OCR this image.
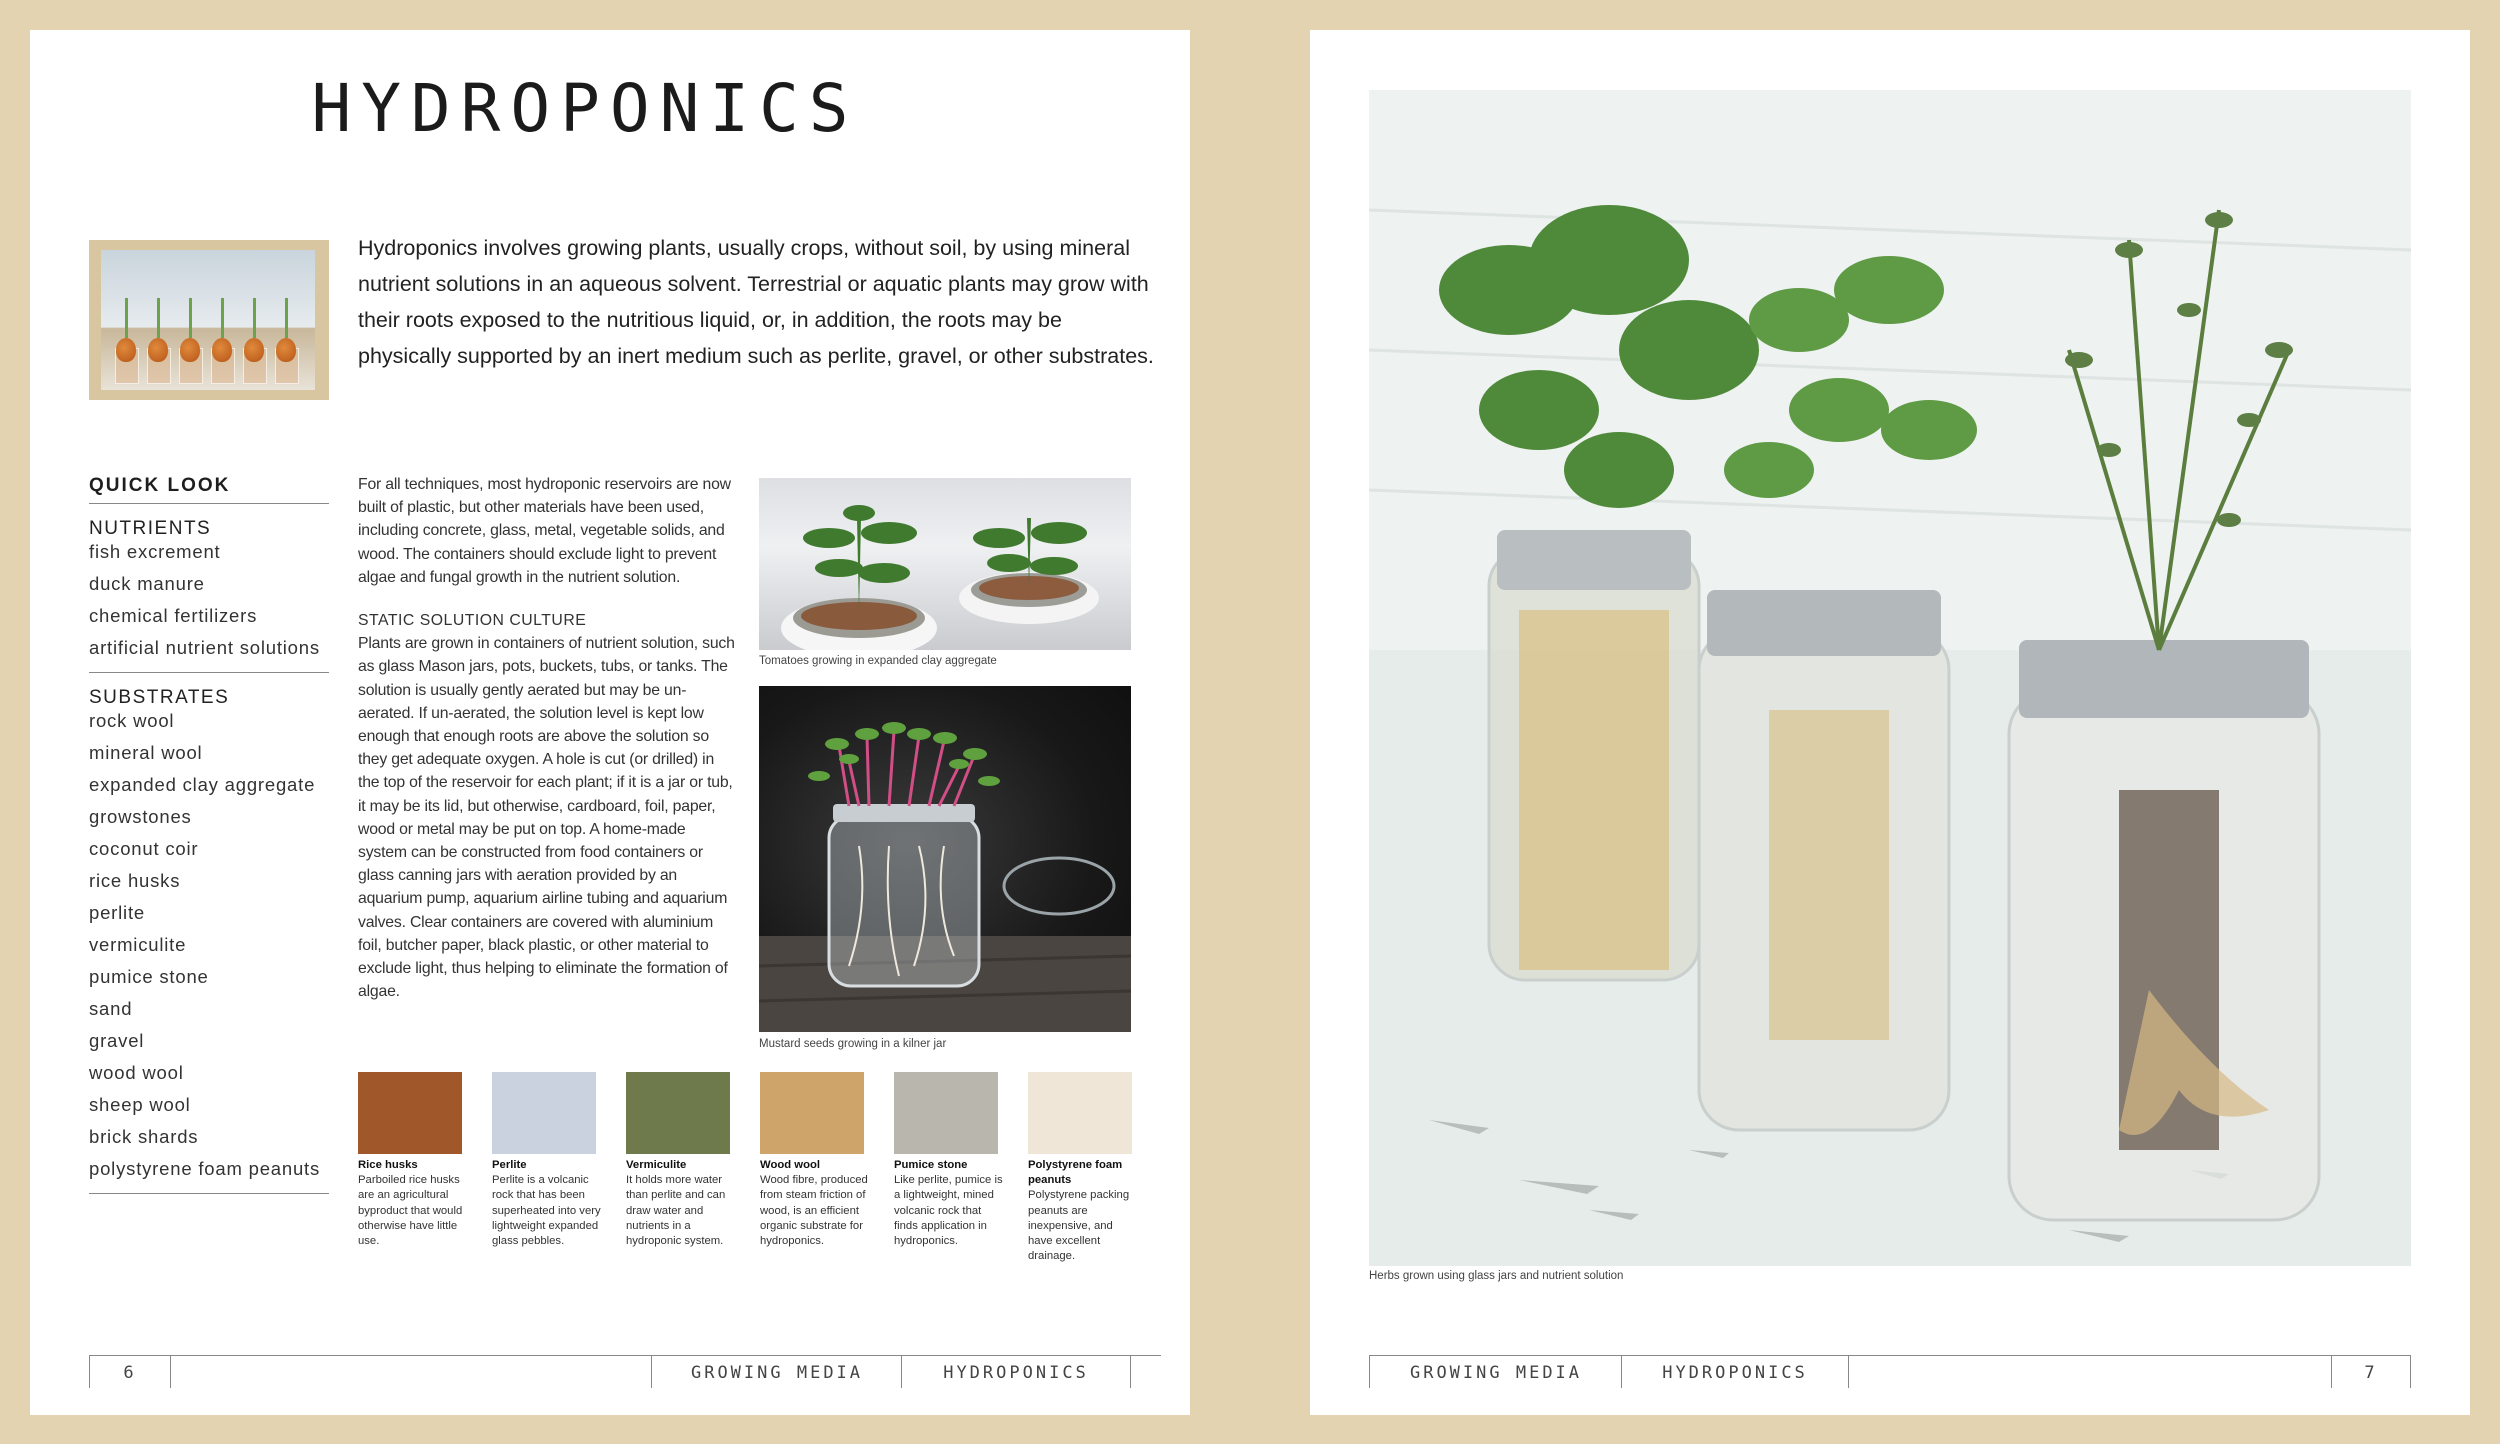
HYDROPONICS
Hydroponics involves growing plants, usually crops, without soil, by using mineral nutrient solutions in an aqueous solvent. Terrestrial or aquatic plants may grow with their roots exposed to the nutritious liquid, or, in addition, the roots may be physically supported by an inert medium such as perlite, gravel, or other substrates.
QUICK LOOK
NUTRIENTS
fish excrement
duck manure
chemical fertilizers
artificial nutrient solutions
SUBSTRATES
rock wool
mineral wool
expanded clay aggregate
growstones
coconut coir
rice husks
perlite
vermiculite
pumice stone
sand
gravel
wood wool
sheep wool
brick shards
polystyrene foam peanuts

For all techniques, most hydroponic reservoirs are now built of plastic, but other materials have been used, including concrete, glass, metal, vegetable solids, and wood. The containers should exclude light to prevent algae and fungal growth in the nutrient solution.

STATIC SOLUTION CULTURE

Plants are grown in containers of nutrient solution, such as glass Mason jars, pots, buckets, tubs, or tanks. The solution is usually gently aerated but may be un-aerated. If un-aerated, the solution level is kept low enough that enough roots are above the solution so they get adequate oxygen. A hole is cut (or drilled) in the top of the reservoir for each plant; if it is a jar or tub, it may be its lid, but otherwise, cardboard, foil, paper, wood or metal may be put on top. A home-made system can be constructed from food containers or glass canning jars with aeration provided by an aquarium pump, aquarium airline tubing and aquarium valves. Clear containers are covered with aluminium foil, butcher paper, black plastic, or other material to exclude light, thus helping to eliminate the formation of algae.

Tomatoes growing in expanded clay aggregate
Mustard seeds growing in a kilner jar
Rice husks
Parboiled rice husks are an agricultural byproduct that would otherwise have little use.
Perlite
Perlite is a volcanic rock that has been superheated into very lightweight expanded glass pebbles.
Vermiculite
It holds more water than perlite and can draw water and nutrients in a hydroponic system.
Wood wool
Wood fibre, produced from steam friction of wood, is an efficient organic substrate for hydroponics.
Pumice stone
Like perlite, pumice is a lightweight, mined volcanic rock that finds application in hydroponics.
Polystyrene foam peanuts
Polystyrene packing peanuts are inexpensive, and have excellent drainage.
6	GROWING MEDIA	HYDROPONICS
Herbs grown using glass jars and nutrient solution
GROWING MEDIA	HYDROPONICS	7
